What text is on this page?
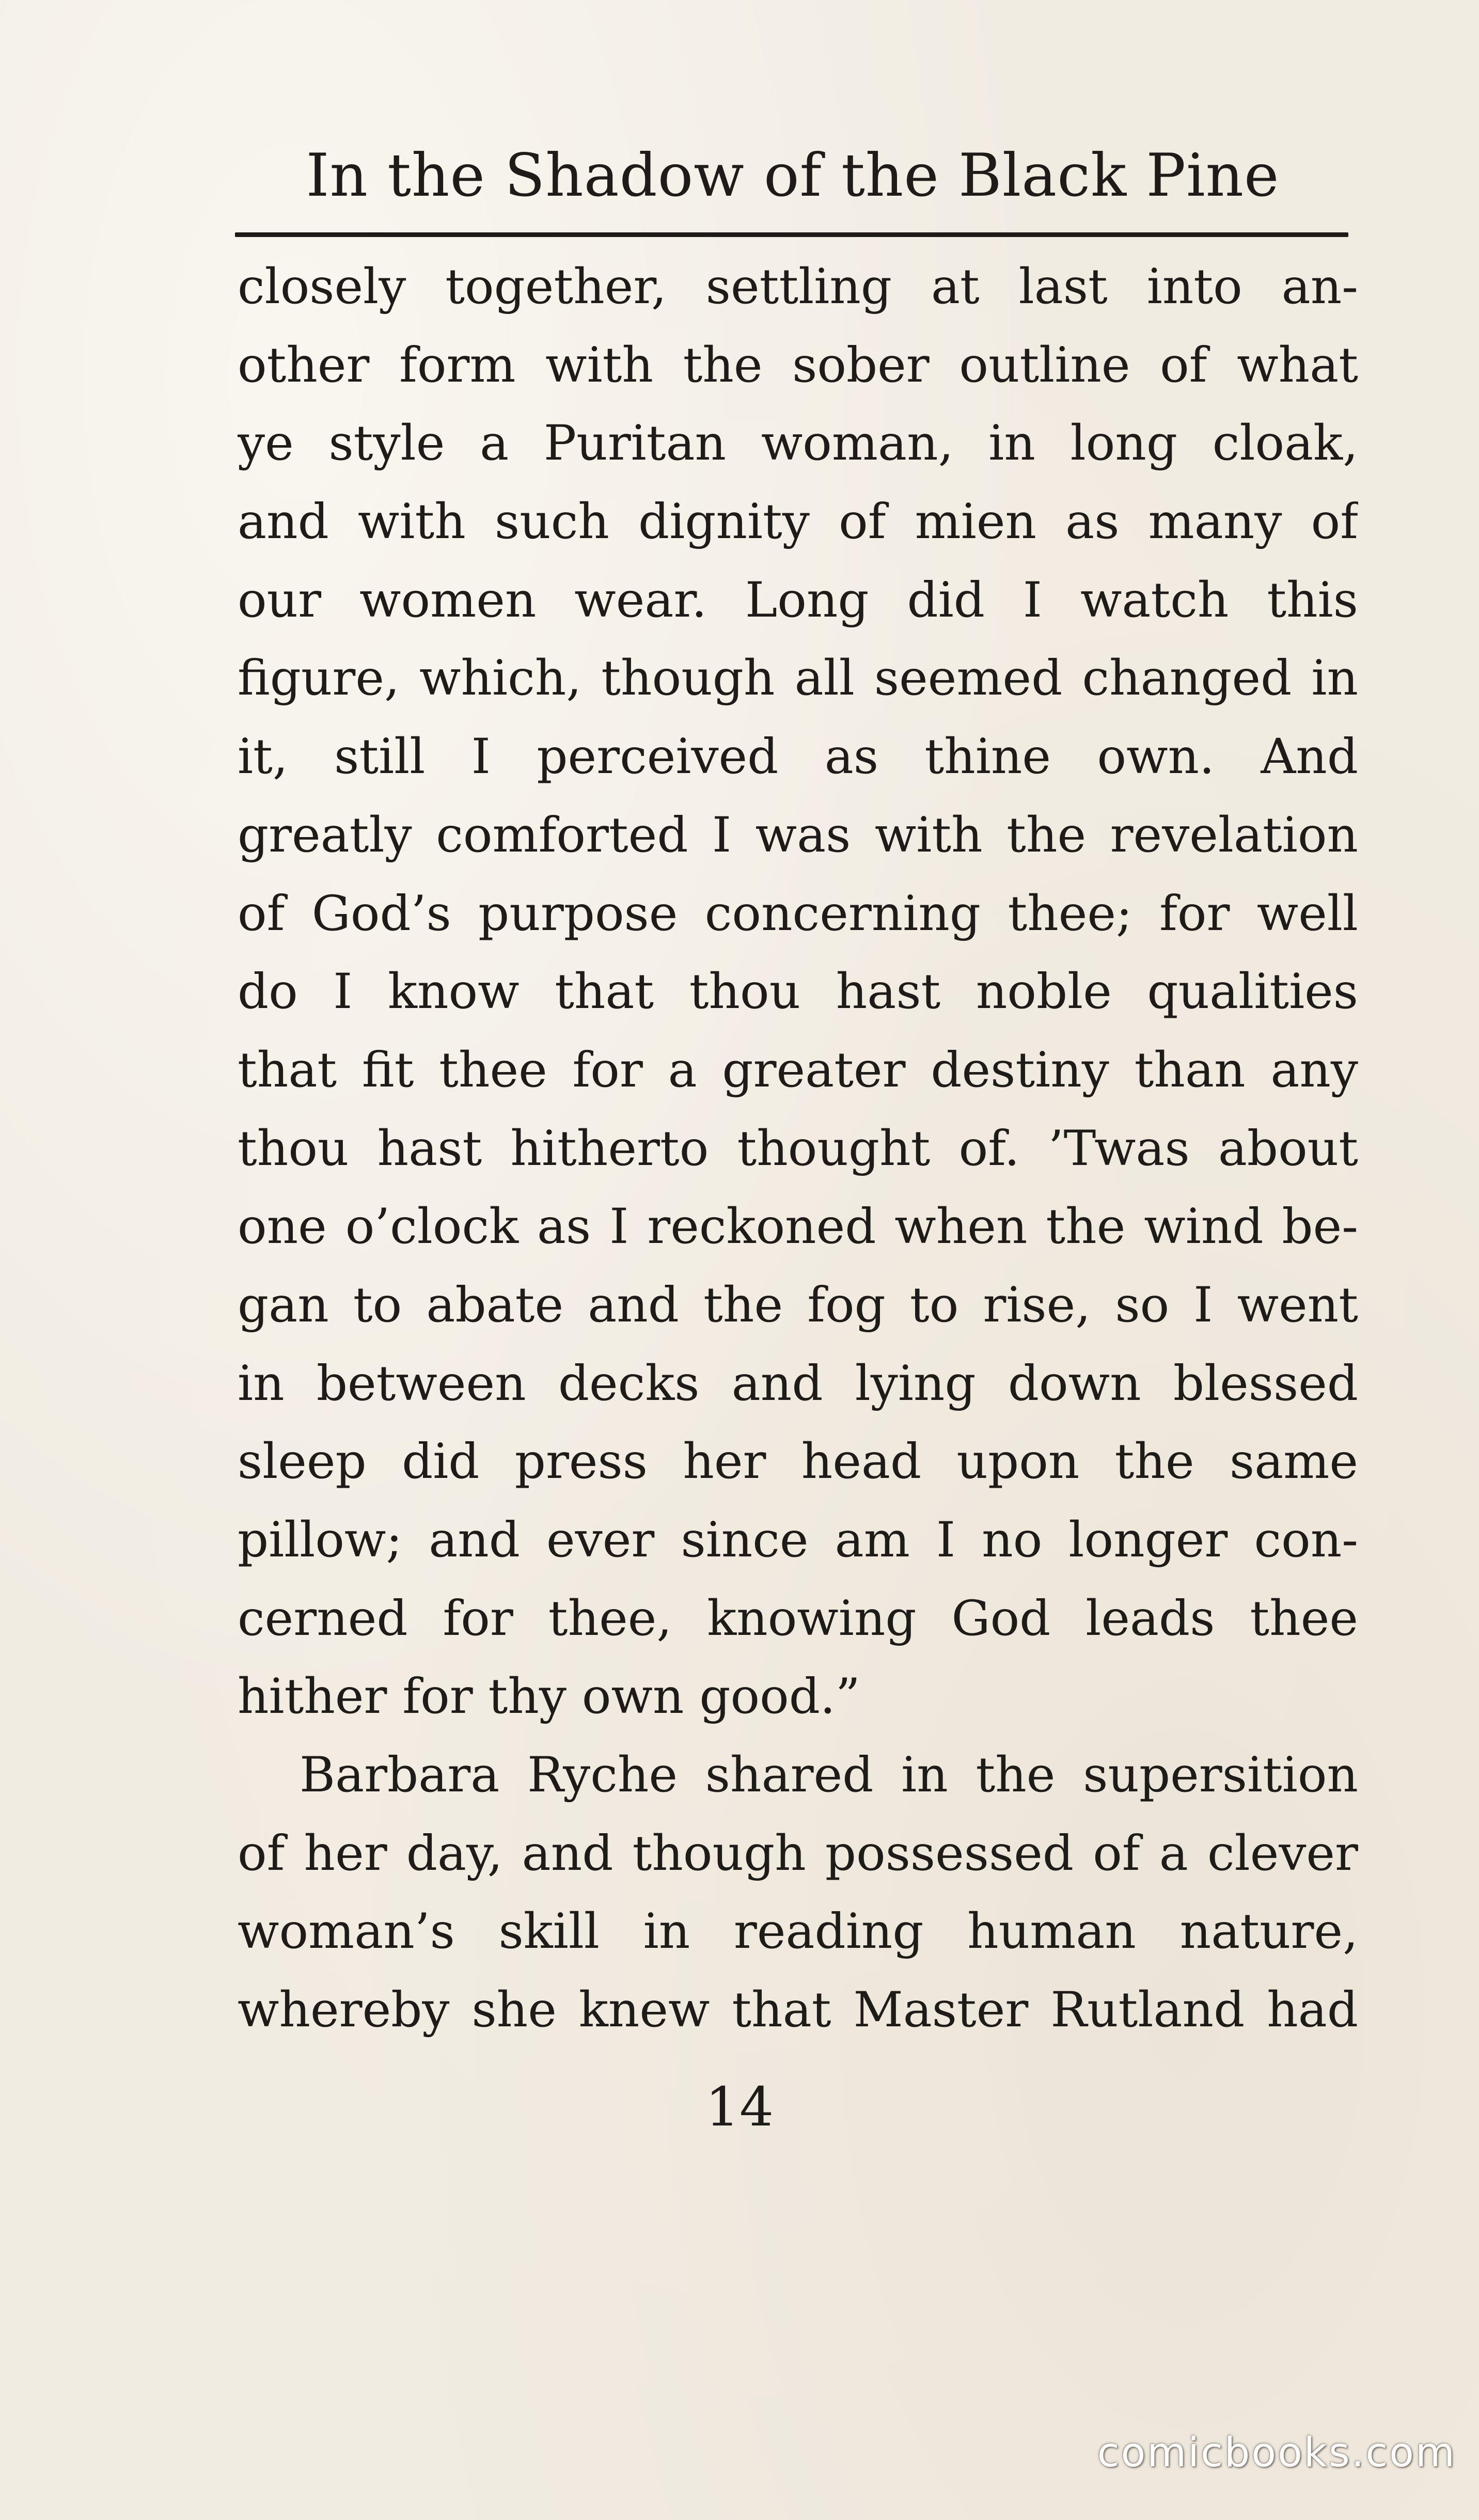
In the Shadow of the Black Pine
closely together, settling at last into an-
other form with the sober outline of what
ye style a Puritan woman, in long cloak,
and with such dignity of mien as many of
our women wear. Long did I watch this
figure, which, though all seemed changed in
it, still I perceived as thine own. And
greatly comforted I was with the revelation
of God’s purpose concerning thee; for well
do I know that thou hast noble qualities
that fit thee for a greater destiny than any
thou hast hitherto thought of. ’Twas about
one o’clock as I reckoned when the wind be-
gan to abate and the fog to rise, so I went
in between decks and lying down blessed
sleep did press her head upon the same
pillow; and ever since am I no longer con-
cerned for thee, knowing God leads thee
hither for thy own good.”
Barbara Ryche shared in the supersition
of her day, and though possessed of a clever
woman’s skill in reading human nature,
whereby she knew that Master Rutland had
14
comicbooks.com
